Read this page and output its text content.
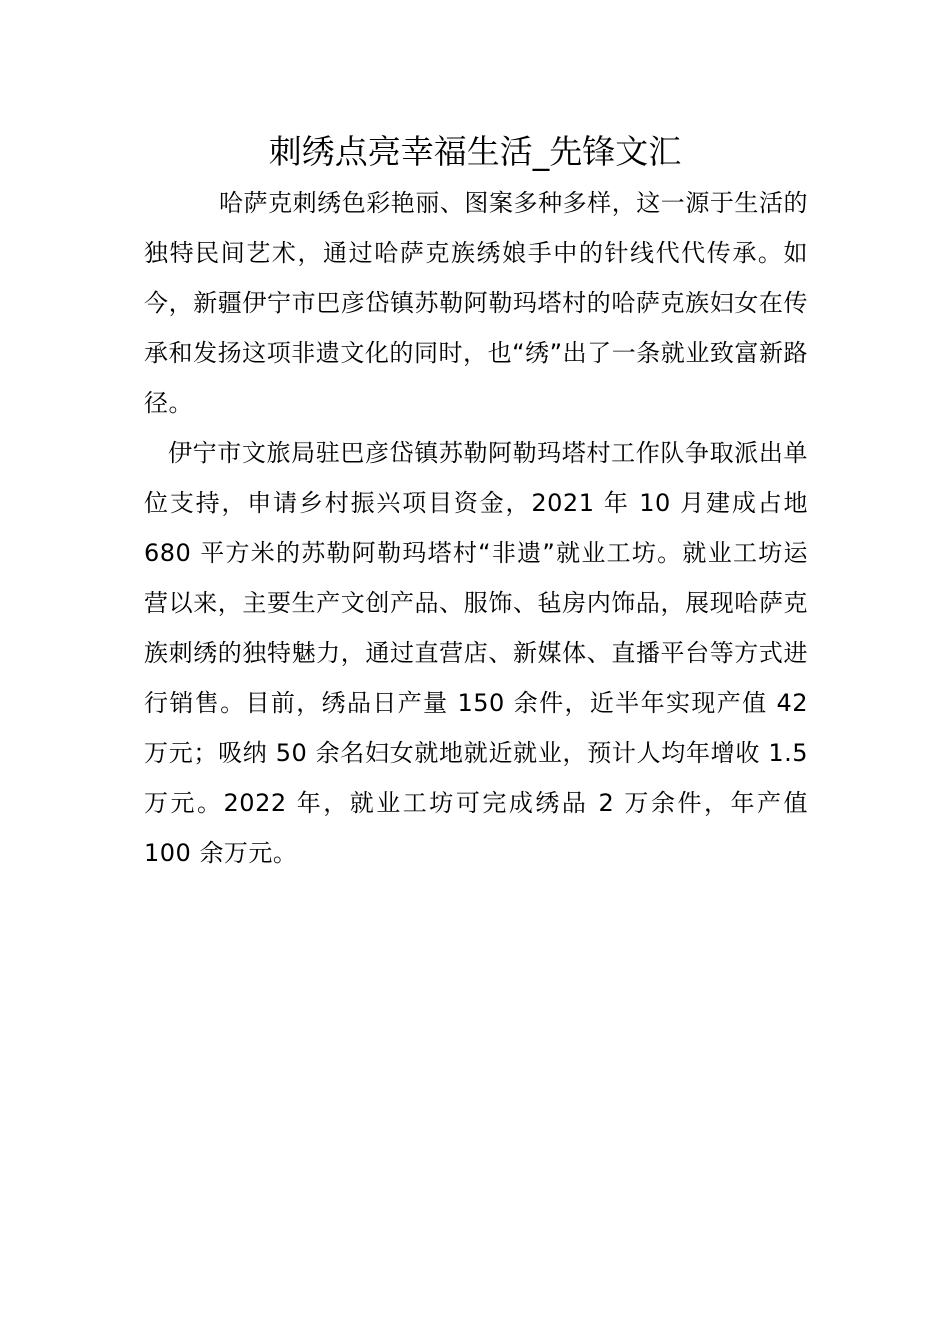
刺绣点亮幸福生活_先锋文汇

哈萨克刺绣色彩艳丽、图案多种多样，这一源于生活的独特民间艺术，通过哈萨克族绣娘手中的针线代代传承。如今，新疆伊宁市巴彦岱镇苏勒阿勒玛塔村的哈萨克族妇女在传承和发扬这项非遗文化的同时，也“绣”出了一条就业致富新路径。

伊宁市文旅局驻巴彦岱镇苏勒阿勒玛塔村工作队争取派出单位支持，申请乡村振兴项目资金，2021 年 10 月建成占地 680 平方米的苏勒阿勒玛塔村“非遗”就业工坊。就业工坊运营以来，主要生产文创产品、服饰、毡房内饰品，展现哈萨克族刺绣的独特魅力，通过直营店、新媒体、直播平台等方式进行销售。目前，绣品日产量 150 余件，近半年实现产值 42 万元；吸纳 50 余名妇女就地就近就业，预计人均年增收 1.5 万元。2022 年，就业工坊可完成绣品 2 万余件，年产值 100 余万元。
